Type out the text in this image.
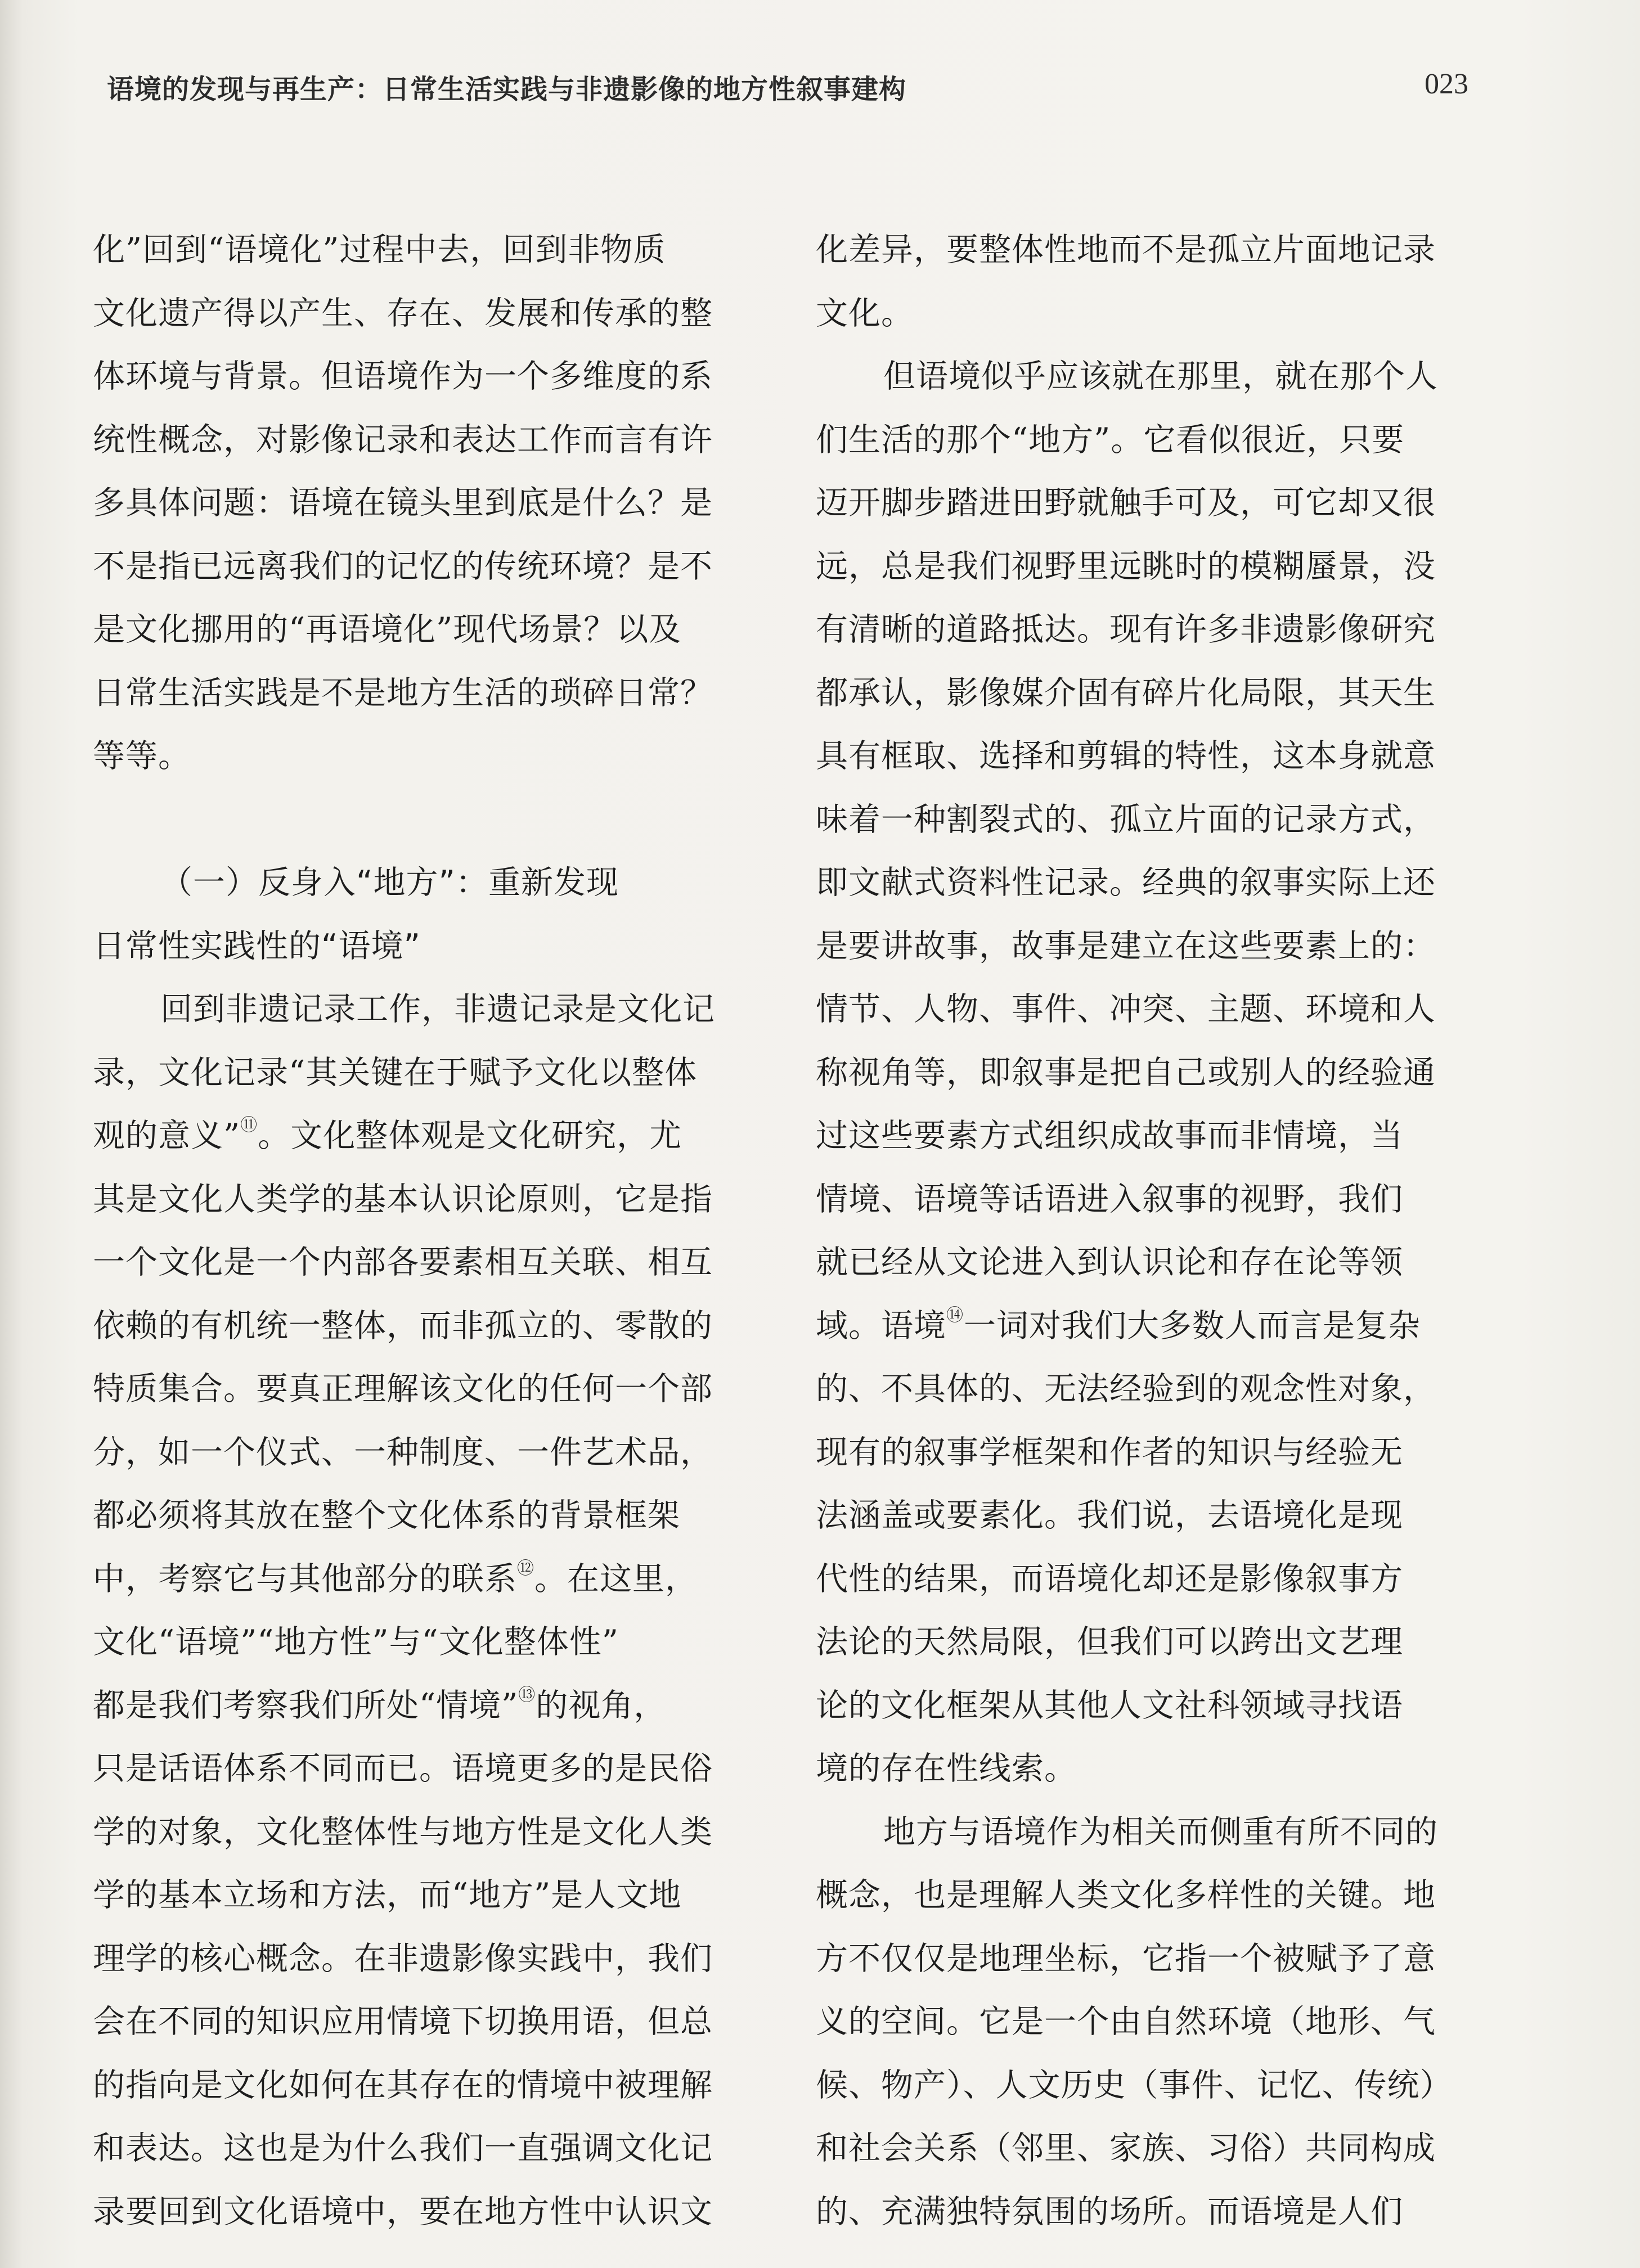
语境的发现与再生产：日常生活实践与非遗影像的地方性叙事建构	023
化”回到“语境化”过程中去，回到非物质
文化遗产得以产生、存在、发展和传承的整
体环境与背景。但语境作为一个多维度的系
统性概念，对影像记录和表达工作而言有许
多具体问题：语境在镜头里到底是什么？是
不是指已远离我们的记忆的传统环境？是不
是文化挪用的“再语境化”现代场景？以及
日常生活实践是不是地方生活的琐碎日常？
等等。
（一）反身入“地方”：重新发现
日常性实践性的“语境”
回到非遗记录工作，非遗记录是文化记
录，文化记录“其关键在于赋予文化以整体
观的意义”⑪。文化整体观是文化研究，尤
其是文化人类学的基本认识论原则，它是指
一个文化是一个内部各要素相互关联、相互
依赖的有机统一整体，而非孤立的、零散的
特质集合。要真正理解该文化的任何一个部
分，如一个仪式、一种制度、一件艺术品，
都必须将其放在整个文化体系的背景框架
中，考察它与其他部分的联系⑫。在这里，
文化“语境”“地方性”与“文化整体性”
都是我们考察我们所处“情境”⑬的视角，
只是话语体系不同而已。语境更多的是民俗
学的对象，文化整体性与地方性是文化人类
学的基本立场和方法，而“地方”是人文地
理学的核心概念。在非遗影像实践中，我们
会在不同的知识应用情境下切换用语，但总
的指向是文化如何在其存在的情境中被理解
和表达。这也是为什么我们一直强调文化记
录要回到文化语境中，要在地方性中认识文
化差异，要整体性地而不是孤立片面地记录
文化。
但语境似乎应该就在那里，就在那个人
们生活的那个“地方”。它看似很近，只要
迈开脚步踏进田野就触手可及，可它却又很
远，总是我们视野里远眺时的模糊蜃景，没
有清晰的道路抵达。现有许多非遗影像研究
都承认，影像媒介固有碎片化局限，其天生
具有框取、选择和剪辑的特性，这本身就意
味着一种割裂式的、孤立片面的记录方式，
即文献式资料性记录。经典的叙事实际上还
是要讲故事，故事是建立在这些要素上的：
情节、人物、事件、冲突、主题、环境和人
称视角等，即叙事是把自己或别人的经验通
过这些要素方式组织成故事而非情境，当
情境、语境等话语进入叙事的视野，我们
就已经从文论进入到认识论和存在论等领
域。语境⑭一词对我们大多数人而言是复杂
的、不具体的、无法经验到的观念性对象，
现有的叙事学框架和作者的知识与经验无
法涵盖或要素化。我们说，去语境化是现
代性的结果，而语境化却还是影像叙事方
法论的天然局限，但我们可以跨出文艺理
论的文化框架从其他人文社科领域寻找语
境的存在性线索。
地方与语境作为相关而侧重有所不同的
概念，也是理解人类文化多样性的关键。地
方不仅仅是地理坐标，它指一个被赋予了意
义的空间。它是一个由自然环境（地形、气
候、物产）、人文历史（事件、记忆、传统）
和社会关系（邻里、家族、习俗）共同构成
的、充满独特氛围的场所。而语境是人们
